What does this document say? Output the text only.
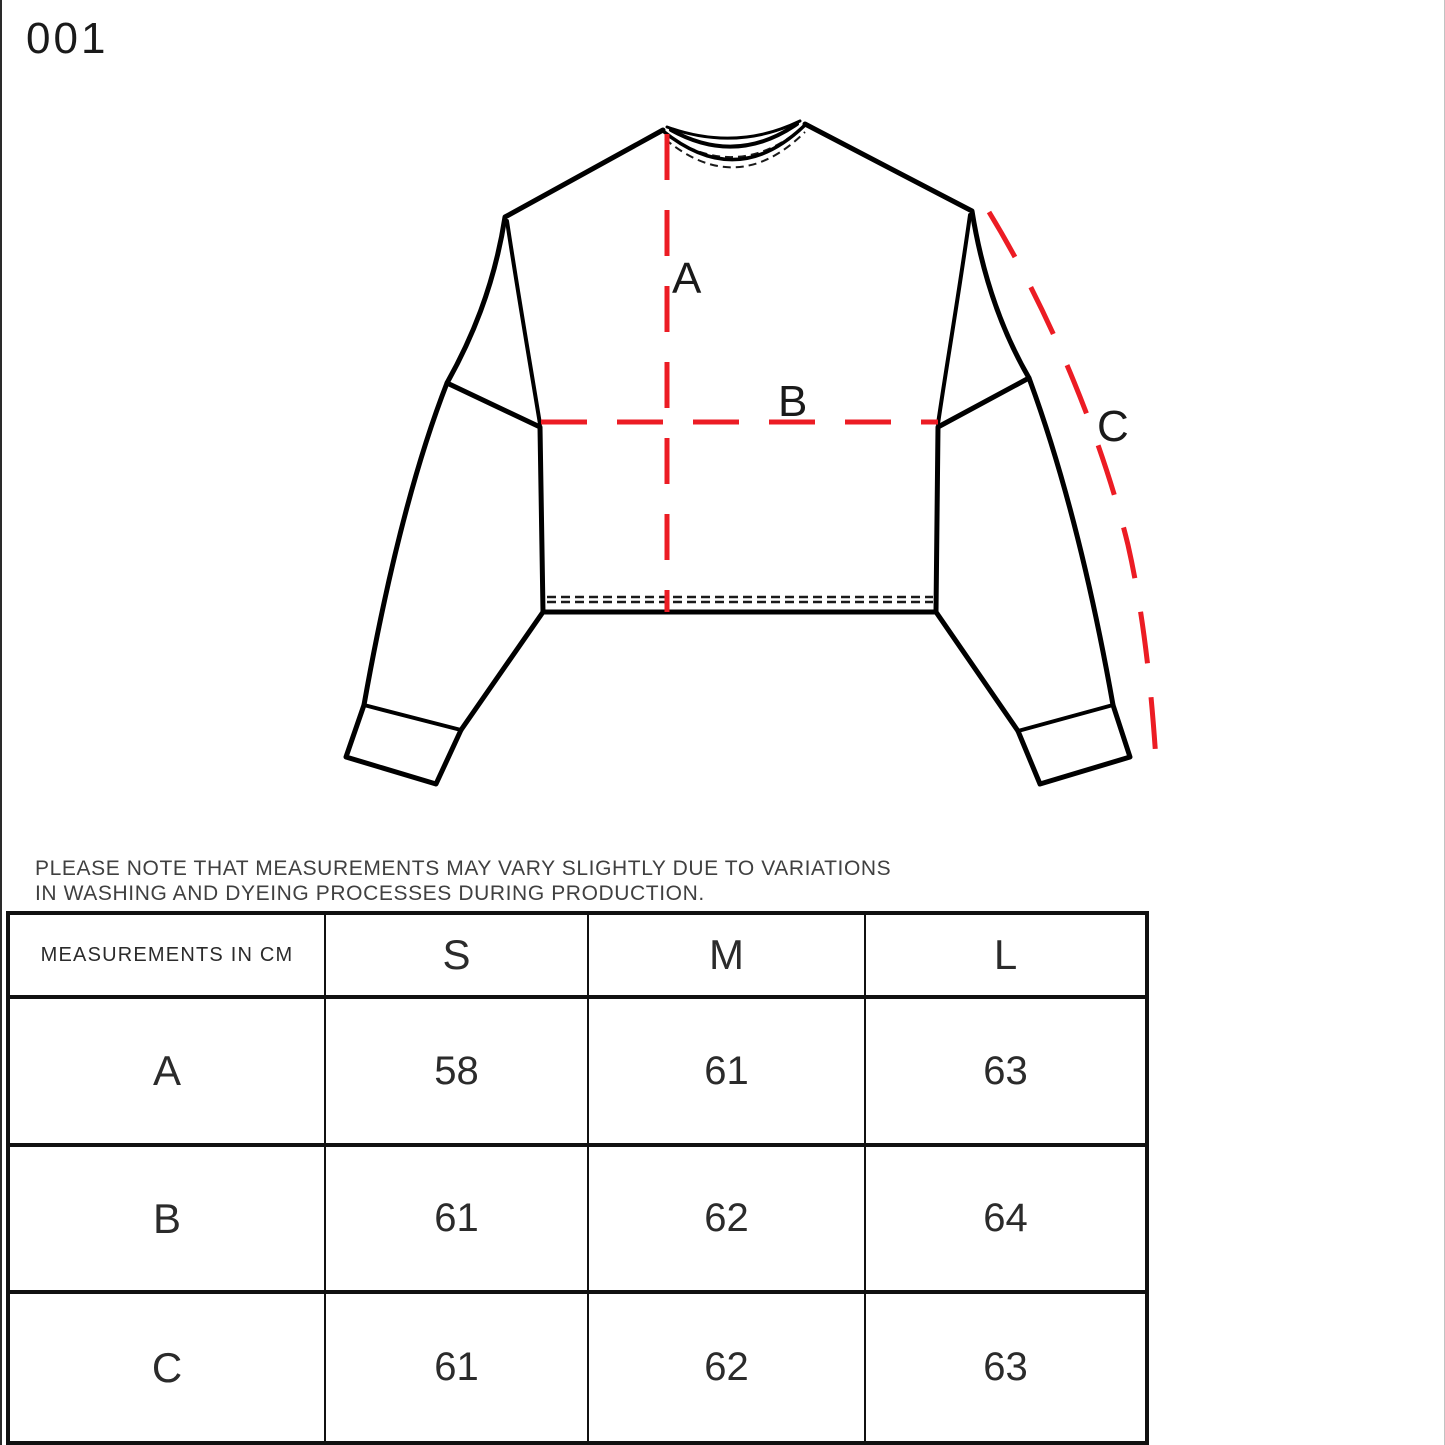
001
A
B
C
PLEASE NOTE THAT MEASUREMENTS MAY VARY SLIGHTLY DUE TO VARIATIONS
IN WASHING AND DYEING PROCESSES DURING PRODUCTION.
MEASUREMENTS IN CM	S	M	L
A	58	61	63
B	61	62	64
C	61	62	63
